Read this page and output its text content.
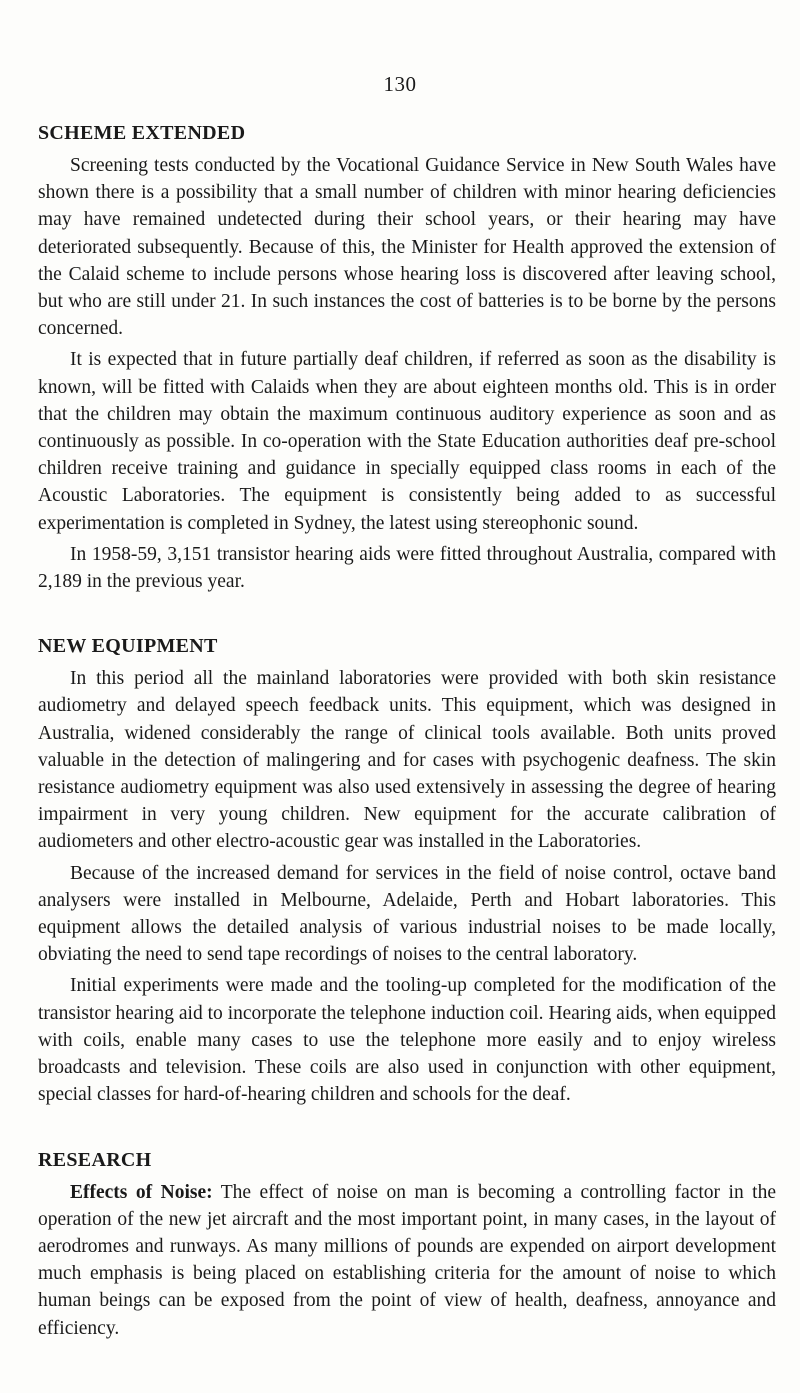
130
SCHEME EXTENDED

Screening tests conducted by the Vocational Guidance Service in New South Wales have shown there is a possibility that a small number of children with minor hearing deficiencies may have remained undetected during their school years, or their hearing may have deteriorated subsequently. Because of this, the Minister for Health approved the extension of the Calaid scheme to include persons whose hearing loss is discovered after leaving school, but who are still under 21. In such instances the cost of batteries is to be borne by the persons concerned.

It is expected that in future partially deaf children, if referred as soon as the disability is known, will be fitted with Calaids when they are about eighteen months old. This is in order that the children may obtain the maximum continuous auditory experience as soon and as continuously as possible. In co-operation with the State Education authorities deaf pre-school children receive training and guidance in specially equipped class rooms in each of the Acoustic Laboratories. The equipment is consistently being added to as successful experimentation is completed in Sydney, the latest using stereophonic sound.

In 1958-59, 3,151 transistor hearing aids were fitted throughout Australia, compared with 2,189 in the previous year.

NEW EQUIPMENT

In this period all the mainland laboratories were provided with both skin resistance audiometry and delayed speech feedback units. This equipment, which was designed in Australia, widened considerably the range of clinical tools available. Both units proved valuable in the detection of malingering and for cases with psychogenic deafness. The skin resistance audiometry equipment was also used extensively in assessing the degree of hearing impairment in very young children. New equipment for the accurate calibration of audiometers and other electro-acoustic gear was installed in the Laboratories.

Because of the increased demand for services in the field of noise control, octave band analysers were installed in Melbourne, Adelaide, Perth and Hobart laboratories. This equipment allows the detailed analysis of various industrial noises to be made locally, obviating the need to send tape recordings of noises to the central laboratory.

Initial experiments were made and the tooling-up completed for the modification of the transistor hearing aid to incorporate the telephone induction coil. Hearing aids, when equipped with coils, enable many cases to use the telephone more easily and to enjoy wireless broadcasts and television. These coils are also used in conjunction with other equipment, special classes for hard-of-hearing children and schools for the deaf.

RESEARCH

Effects of Noise: The effect of noise on man is becoming a controlling factor in the operation of the new jet aircraft and the most important point, in many cases, in the layout of aerodromes and runways. As many millions of pounds are expended on airport development much emphasis is being placed on establishing criteria for the amount of noise to which human beings can be exposed from the point of view of health, deafness, annoyance and efficiency.
